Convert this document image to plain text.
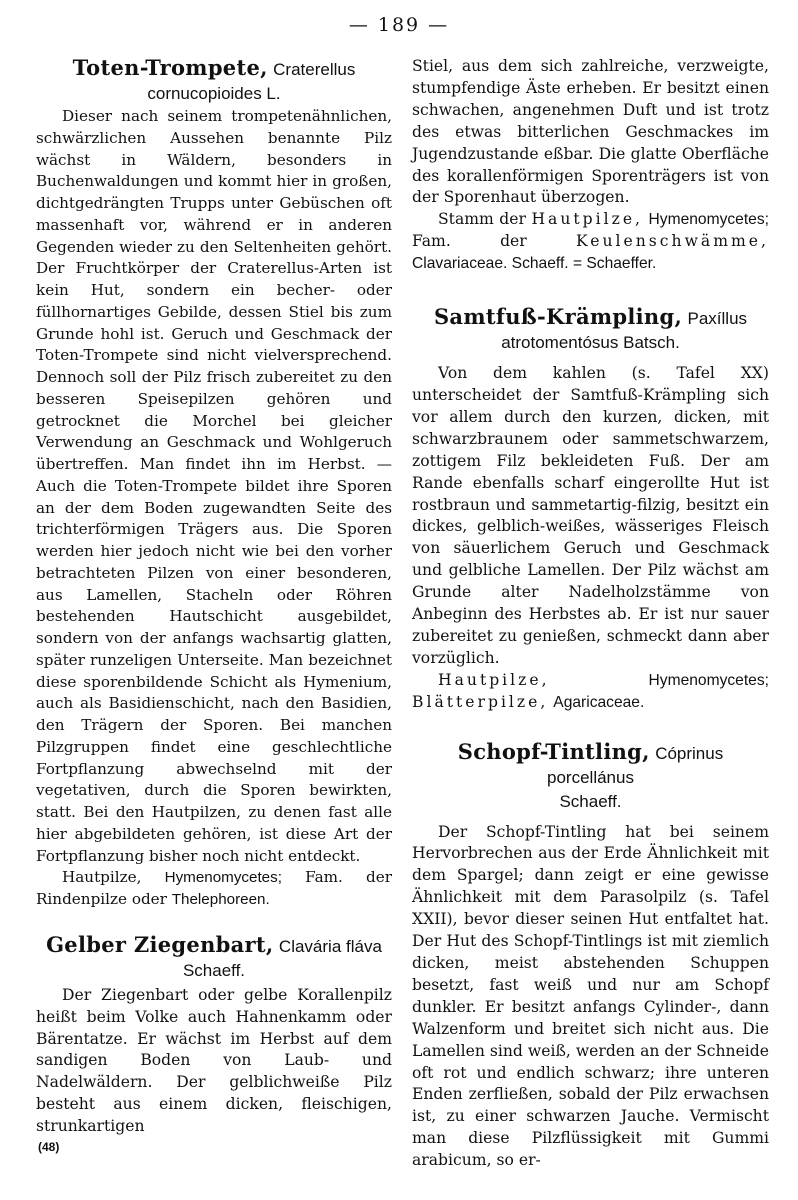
— 189 —
Toten-Trompete, Craterellus
cornucopioides L.

Dieser nach seinem trompetenähnlichen, schwärzlichen Aussehen benannte Pilz wächst in Wäldern, besonders in Buchenwaldungen und kommt hier in großen, dichtgedrängten Trupps unter Gebüschen oft massenhaft vor, während er in anderen Gegenden wieder zu den Seltenheiten gehört. Der Fruchtkörper der Craterellus-Arten ist kein Hut, sondern ein becher- oder füllhornartiges Gebilde, dessen Stiel bis zum Grunde hohl ist. Geruch und Geschmack der Toten-Trompete sind nicht vielversprechend. Dennoch soll der Pilz frisch zubereitet zu den besseren Speisepilzen gehören und getrocknet die Morchel bei gleicher Verwendung an Geschmack und Wohlgeruch übertreffen. Man findet ihn im Herbst. — Auch die Toten-Trompete bildet ihre Sporen an der dem Boden zugewandten Seite des trichterförmigen Trägers aus. Die Sporen werden hier jedoch nicht wie bei den vorher betrachteten Pilzen von einer besonderen, aus Lamellen, Stacheln oder Röhren bestehenden Hautschicht ausgebildet, sondern von der anfangs wachsartig glatten, später runzeligen Unterseite. Man bezeichnet diese sporenbildende Schicht als Hymenium, auch als Basidienschicht, nach den Basidien, den Trägern der Sporen. Bei manchen Pilzgruppen findet eine geschlechtliche Fortpflanzung abwechselnd mit der vegetativen, durch die Sporen bewirkten, statt. Bei den Hautpilzen, zu denen fast alle hier abgebildeten gehören, ist diese Art der Fortpflanzung bisher noch nicht entdeckt.

Hautpilze, Hymenomycetes; Fam. der Rindenpilze oder Thelephoreen.

Gelber Ziegenbart, Clavária fláva
Schaeff.

Der Ziegenbart oder gelbe Korallenpilz heißt beim Volke auch Hahnenkamm oder Bärentatze. Er wächst im Herbst auf dem sandigen Boden von Laub- und Nadelwäldern. Der gelblichweiße Pilz besteht aus einem dicken, fleischigen, strunkartigen

Stiel, aus dem sich zahlreiche, verzweigte, stumpfendige Äste erheben. Er besitzt einen schwachen, angenehmen Duft und ist trotz des etwas bitterlichen Geschmackes im Jugendzustande eßbar. Die glatte Oberfläche des korallenförmigen Sporenträgers ist von der Sporenhaut überzogen.

Stamm der Hautpilze, Hymenomycetes; Fam. der	Keulenschwämme, Clavariaceae. Schaeff. = Schaeffer.

Samtfuß-Krämpling, Paxíllus
atrotomentósus Batsch.

Von dem kahlen (s. Tafel XX) unterscheidet der Samtfuß-Krämpling sich vor allem durch den kurzen, dicken, mit schwarzbraunem oder sammetschwarzem, zottigem Filz bekleideten Fuß. Der am Rande ebenfalls scharf eingerollte Hut ist rostbraun und sammetartig-filzig, besitzt ein dickes, gelblich-weißes, wässeriges Fleisch von säuerlichem Geruch und Geschmack und gelbliche Lamellen. Der Pilz wächst am Grunde alter Nadelholzstämme von Anbeginn des Herbstes ab. Er ist nur sauer zubereitet zu genießen, schmeckt dann aber vorzüglich.

Hautpilze,	Hymenomycetes; Blätterpilze, Agaricaceae.

Schopf-Tintling, Cóprinus porcellánus
Schaeff.

Der Schopf-Tintling hat bei seinem Hervorbrechen aus der Erde Ähnlichkeit mit dem Spargel; dann zeigt er eine gewisse Ähnlichkeit mit dem Parasolpilz (s. Tafel XXII), bevor dieser seinen Hut entfaltet hat. Der Hut des Schopf-Tintlings ist mit ziemlich dicken, meist abstehenden Schuppen besetzt, fast weiß und nur am Schopf dunkler. Er besitzt anfangs Cylinder-, dann Walzenform und breitet sich nicht aus. Die Lamellen sind weiß, werden an der Schneide oft rot und endlich schwarz; ihre unteren Enden zerfließen, sobald der Pilz erwachsen ist, zu einer schwarzen Jauche. Vermischt man diese Pilzflüssigkeit mit Gummi arabicum, so er-

(48)
